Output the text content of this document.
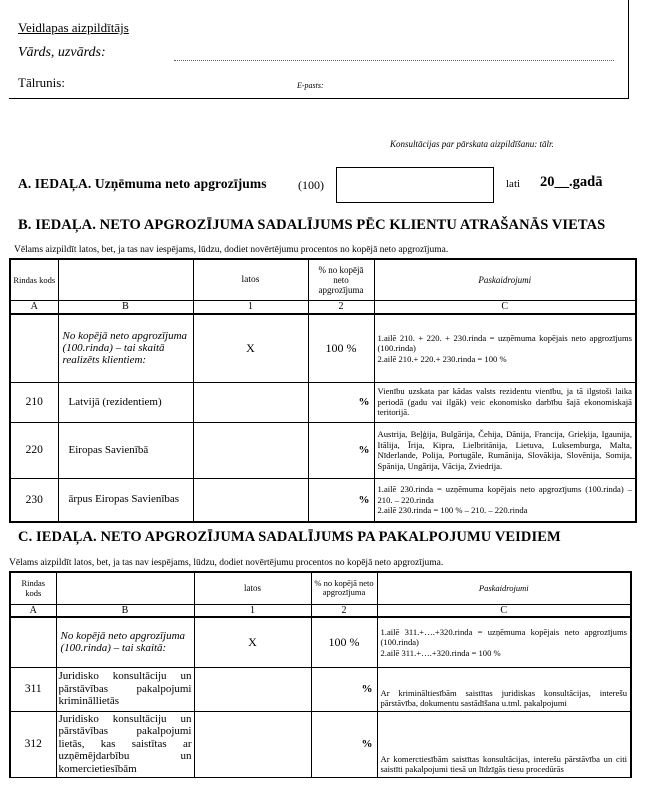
Veidlapas aizpildītājs
Vārds, uzvārds:
Tālrunis:	E-pasts:
Konsultācijas par pārskata aizpildīšanu: tālr.
A. IEDAĻA. Uzņēmuma neto apgrozījums	(100)	lati 20__.gadā
B. IEDAĻA. NETO APGROZĪJUMA SADALĪJUMS PĒC KLIENTU ATRAŠANĀS VIETAS
Vēlams aizpildīt latos, bet, ja tas nav iespējams, lūdzu, dodiet novērtējumu procentos no kopējā neto apgrozījuma.
Rindas kods		latos	% no kopējā neto apgrozījuma	Paskaidrojumi
A	B	1	2	C
	No kopējā neto apgrozījuma (100.rinda) – tai skaitā realizēts klientiem:	X	100 %	1.ailē 210. + 220. + 230.rinda = uzņēmuma kopējais neto apgrozījums (100.rinda)
2.ailē 210.+ 220.+ 230.rinda = 100 %

210	Latvijā (rezidentiem)		%	Vienību uzskata par kādas valsts rezidentu vienību, ja tā ilgstoši laika periodā (gadu vai ilgāk) veic ekonomisko darbību šajā ekonomiskajā teritorijā.
220	Eiropas Savienībā		%	Austrija, Beļģija, Bulgārija, Čehija, Dānija, Francija, Grieķija, Igaunija, Itālija, Īrija, Kipra, Lielbritānija, Lietuva, Luksemburga, Malta, Nīderlande, Polija, Portugāle, Rumānija, Slovākija, Slovēnija, Somija, Spānija, Ungārija, Vācija, Zviedrija.
230	ārpus Eiropas Savienības		%	1.ailē 230.rinda = uzņēmuma kopējais neto apgrozījums (100.rinda) – 210. – 220.rinda
2.ailē 230.rinda = 100 % – 210. – 220.rinda
C. IEDAĻA. NETO APGROZĪJUMA SADALĪJUMS PA PAKALPOJUMU VEIDIEM
Vēlams aizpildīt latos, bet, ja tas nav iespējams, lūdzu, dodiet novērtējumu procentos no kopējā neto apgrozījuma.
Rindas kods		latos	% no kopējā neto apgrozījuma	Paskaidrojumi
A	B	1	2	C
	No kopējā neto apgrozījuma (100.rinda) – tai skaitā:	X	100 %	1.ailē 311.+….+320.rinda = uzņēmuma kopējais neto apgrozījums (100.rinda)
2.ailē 311.+….+320.rinda = 100 %

311	Juridisko konsultāciju un pārstāvības pakalpojumi krimināllietās		%	Ar krimināltiesībām saistītas juridiskas konsultācijas, interešu pārstāvība, dokumentu sastādīšana u.tml. pakalpojumi
312	Juridisko konsultāciju un pārstāvības pakalpojumi lietās, kas saistītas ar uzņēmējdarbību un komercietiesībām		%	Ar komerctiesībām saistītas konsultācijas, interešu pārstāvība un citi saistīti pakalpojumi tiesā un līdzīgās tiesu procedūrās
